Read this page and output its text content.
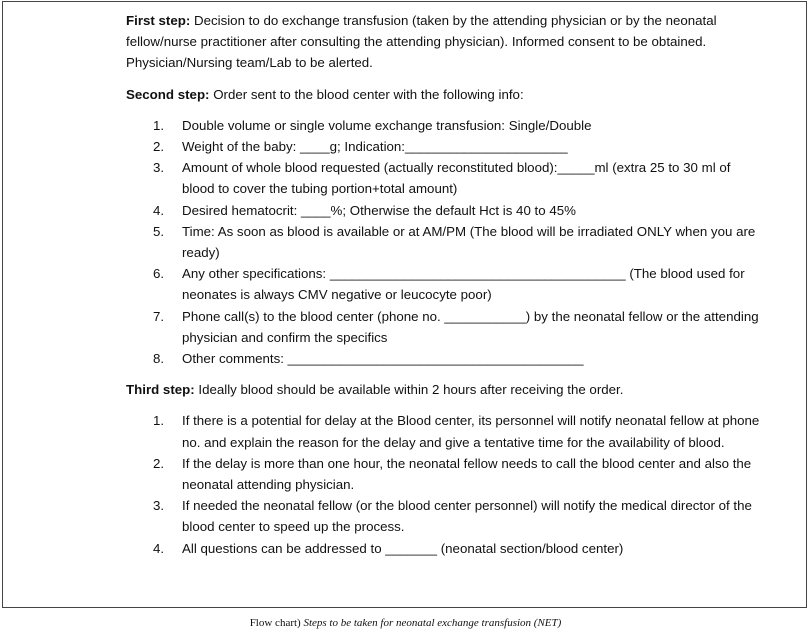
First step: Decision to do exchange transfusion (taken by the attending physician or by the neonatal fellow/nurse practitioner after consulting the attending physician). Informed consent to be obtained. Physician/Nursing team/Lab to be alerted.

Second step: Order sent to the blood center with the following info:

1. Double volume or single volume exchange transfusion: Single/Double
2. Weight of the baby: ____g; Indication:______________________
3. Amount of whole blood requested (actually reconstituted blood):_____ml (extra 25 to 30 ml of blood to cover the tubing portion+total amount)
4. Desired hematocrit: ____%; Otherwise the default Hct is 40 to 45%
5. Time: As soon as blood is available or at AM/PM (The blood will be irradiated ONLY when you are ready)
6. Any other specifications: ________________________________________ (The blood used for neonates is always CMV negative or leucocyte poor)
7. Phone call(s) to the blood center (phone no. ___________) by the neonatal fellow or the attending physician and confirm the specifics
8. Other comments: ________________________________________

Third step: Ideally blood should be available within 2 hours after receiving the order.

1. If there is a potential for delay at the Blood center, its personnel will notify neonatal fellow at phone no. and explain the reason for the delay and give a tentative time for the availability of blood.
2. If the delay is more than one hour, the neonatal fellow needs to call the blood center and also the neonatal attending physician.
3. If needed the neonatal fellow (or the blood center personnel) will notify the medical director of the blood center to speed up the process.
4. All questions can be addressed to _______ (neonatal section/blood center)
Flow chart) Steps to be taken for neonatal exchange transfusion (NET)
